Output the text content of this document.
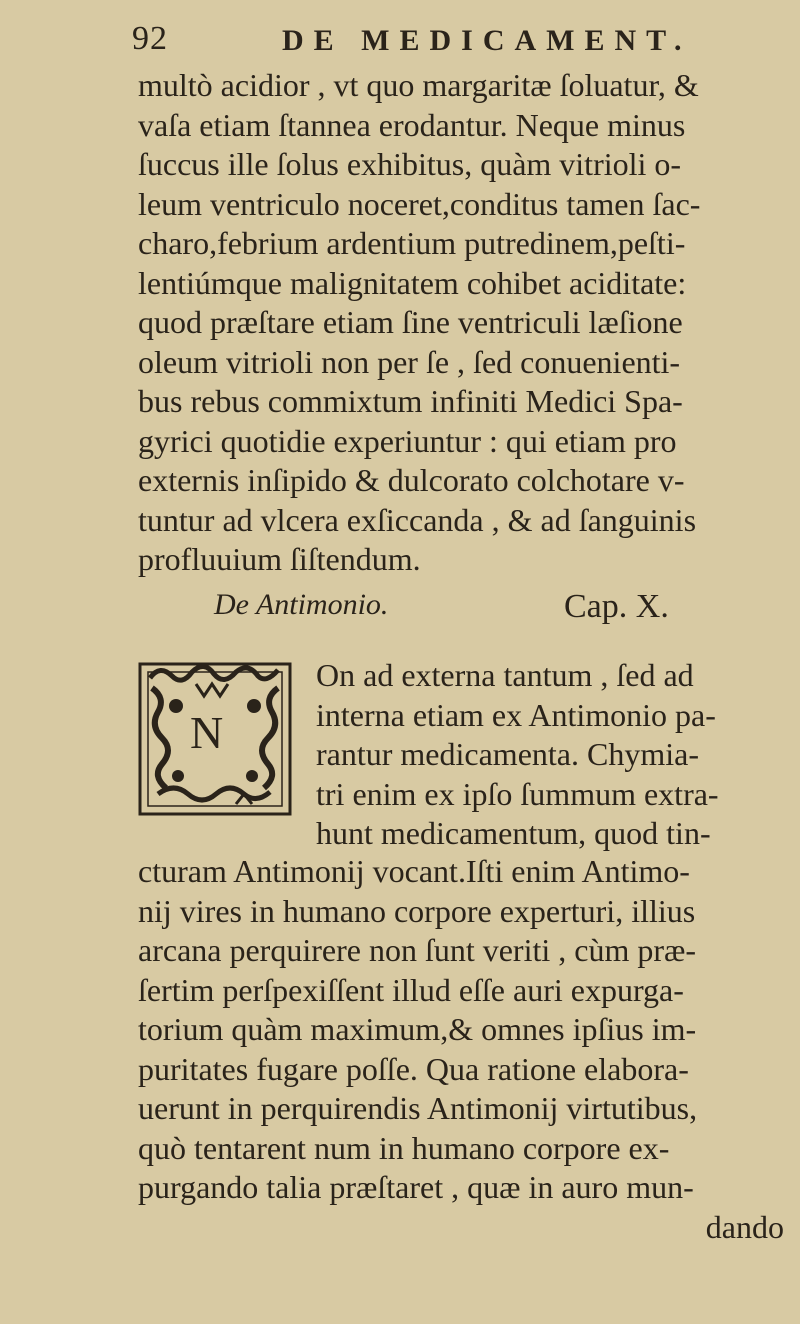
92	DE MEDICAMENT.
multò acidior , vt quo margaritæ ſoluatur, &
vaſa etiam ſtannea erodantur. Neque minus
ſuccus ille ſolus exhibitus, quàm vitrioli o-
leum ventriculo noceret,conditus tamen ſac-
charo,febrium ardentium putredinem,peſti-
lentiúmque malignitatem cohibet aciditate:
quod præſtare etiam ſine ventriculi læſione
oleum vitrioli non per ſe , ſed conuenienti-
bus rebus commixtum infiniti Medici Spa-
gyrici quotidie experiuntur : qui etiam pro
externis inſipido & dulcorato colchotare v-
tuntur ad vlcera exſiccanda , & ad ſanguinis
profluuium ſiſtendum.
De Antimonio.	Cap. X.
N
On ad externa tantum , ſed ad
interna etiam ex Antimonio pa-
rantur medicamenta. Chymia-
tri enim ex ipſo ſummum extra-
hunt medicamentum, quod tin-
cturam Antimonij vocant.Iſti enim Antimo-
nij vires in humano corpore experturi, illius
arcana perquirere non ſunt veriti , cùm præ-
ſertim perſpexiſſent illud eſſe auri expurga-
torium quàm maximum,& omnes ipſius im-
puritates fugare poſſe. Qua ratione elabora-
uerunt in perquirendis Antimonij virtutibus,
quò tentarent num in humano corpore ex-
purgando talia præſtaret , quæ in auro mun-
dando
